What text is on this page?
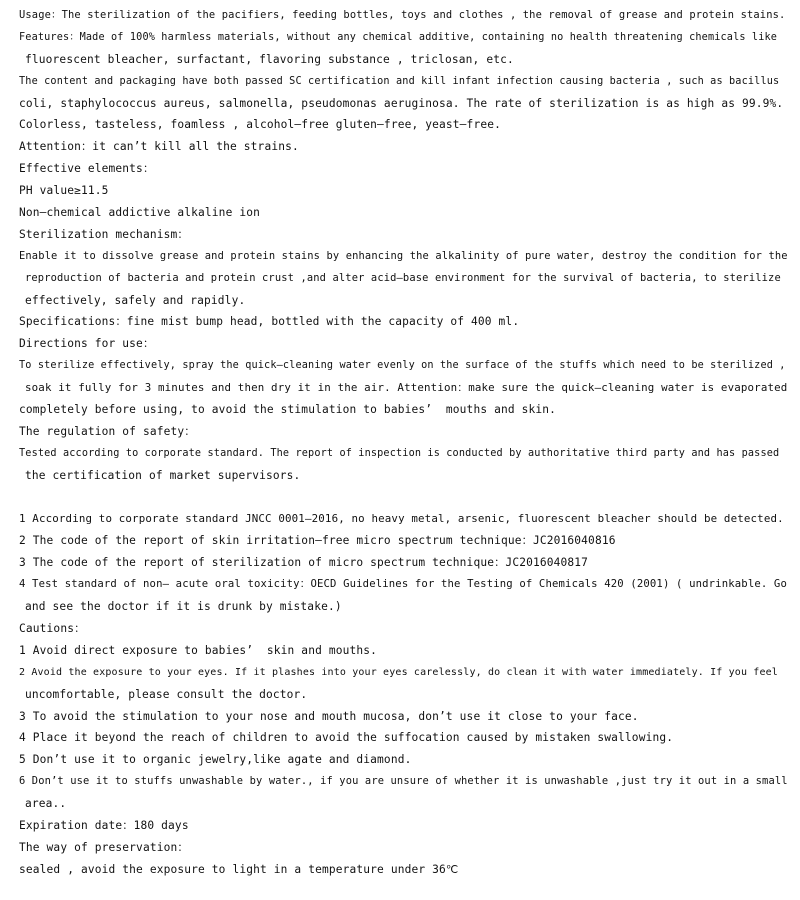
Usage：The sterilization of the pacifiers, feeding bottles, toys and clothes , the removal of grease and protein stains.
Features：Made of 100% harmless materials, without any chemical additive, containing no health threatening chemicals like
fluorescent bleacher, surfactant, flavoring substance , triclosan, etc.
The content and packaging have both passed SC certification and kill infant infection causing bacteria , such as bacillus
coli, staphylococcus aureus, salmonella, pseudomonas aeruginosa. The rate of sterilization is as high as 99.9%.
Colorless, tasteless, foamless , alcohol—free gluten—free, yeast—free.
Attention：it can’t kill all the strains.
Effective elements：
PH value≥11.5
Non—chemical addictive alkaline ion
Sterilization mechanism：
Enable it to dissolve grease and protein stains by enhancing the alkalinity of pure water, destroy the condition for the
reproduction of bacteria and protein crust ,and alter acid—base environment for the survival of bacteria, to sterilize
effectively, safely and rapidly.
Specifications：fine mist bump head, bottled with the capacity of 400 ml.
Directions for use：
To sterilize effectively, spray the quick—cleaning water evenly on the surface of the stuffs which need to be sterilized ,
soak it fully for 3 minutes and then dry it in the air. Attention：make sure the quick—cleaning water is evaporated
completely before using, to avoid the stimulation to babies’  mouths and skin.
The regulation of safety：
Tested according to corporate standard. The report of inspection is conducted by authoritative third party and has passed
the certification of market supervisors.
1 According to corporate standard JNCC 0001—2016, no heavy metal, arsenic, fluorescent bleacher should be detected.
2 The code of the report of skin irritation—free micro spectrum technique：JC2016040816
3 The code of the report of sterilization of micro spectrum technique：JC2016040817
4 Test standard of non— acute oral toxicity：OECD Guidelines for the Testing of Chemicals 420 (2001) ( undrinkable. Go
and see the doctor if it is drunk by mistake.)
Cautions：
1 Avoid direct exposure to babies’  skin and mouths.
2 Avoid the exposure to your eyes. If it plashes into your eyes carelessly, do clean it with water immediately. If you feel
uncomfortable, please consult the doctor.
3 To avoid the stimulation to your nose and mouth mucosa, don’t use it close to your face.
4 Place it beyond the reach of children to avoid the suffocation caused by mistaken swallowing.
5 Don’t use it to organic jewelry,like agate and diamond.
6 Don’t use it to stuffs unwashable by water., if you are unsure of whether it is unwashable ,just try it out in a small
area..
Expiration date：180 days
The way of preservation：
sealed , avoid the exposure to light in a temperature under 36℃
